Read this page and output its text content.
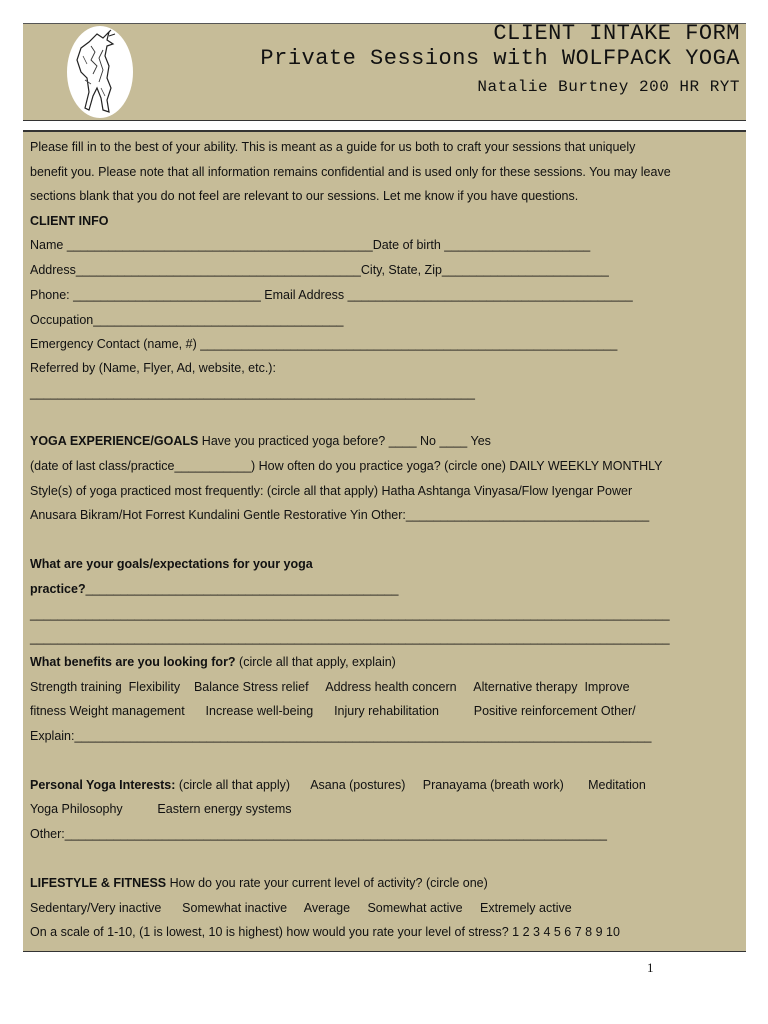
CLIENT INTAKE FORM
Private Sessions with WOLFPACK YOGA
Natalie Burtney 200 HR RYT
Please fill in to the best of your ability. This is meant as a guide for us both to craft your sessions that uniquely
benefit you. Please note that all information remains confidential and is used only for these sessions. You may leave
sections blank that you do not feel are relevant to our sessions. Let me know if you have questions.
CLIENT INFO
Name ____________________________________________Date of birth _____________________
Address_________________________________________City, State, Zip________________________
Phone: ___________________________ Email Address _________________________________________
Occupation____________________________________
Emergency Contact (name, #) ____________________________________________________________
Referred by (Name, Flyer, Ad, website, etc.):
________________________________________________________________
YOGA EXPERIENCE/GOALS Have you practiced yoga before? ____ No ____ Yes
(date of last class/practice___________) How often do you practice yoga? (circle one) DAILY WEEKLY MONTHLY
Style(s) of yoga practiced most frequently: (circle all that apply) Hatha Ashtanga Vinyasa/Flow Iyengar Power
Anusara Bikram/Hot Forrest Kundalini Gentle Restorative Yin Other:___________________________________
What are your goals/expectations for your yoga
practice?_____________________________________________
____________________________________________________________________________________________
____________________________________________________________________________________________
What benefits are you looking for? (circle all that apply, explain)
Strength training  Flexibility    Balance Stress relief     Address health concern     Alternative therapy  Improve
fitness Weight management      Increase well-being      Injury rehabilitation          Positive reinforcement Other/
Explain:___________________________________________________________________________________
Personal Yoga Interests: (circle all that apply)      Asana (postures)     Pranayama (breath work)       Meditation
Yoga Philosophy          Eastern energy systems
Other:______________________________________________________________________________
LIFESTYLE & FITNESS How do you rate your current level of activity? (circle one)
Sedentary/Very inactive      Somewhat inactive     Average     Somewhat active     Extremely active
On a scale of 1-10, (1 is lowest, 10 is highest) how would you rate your level of stress? 1 2 3 4 5 6 7 8 9 10
1
